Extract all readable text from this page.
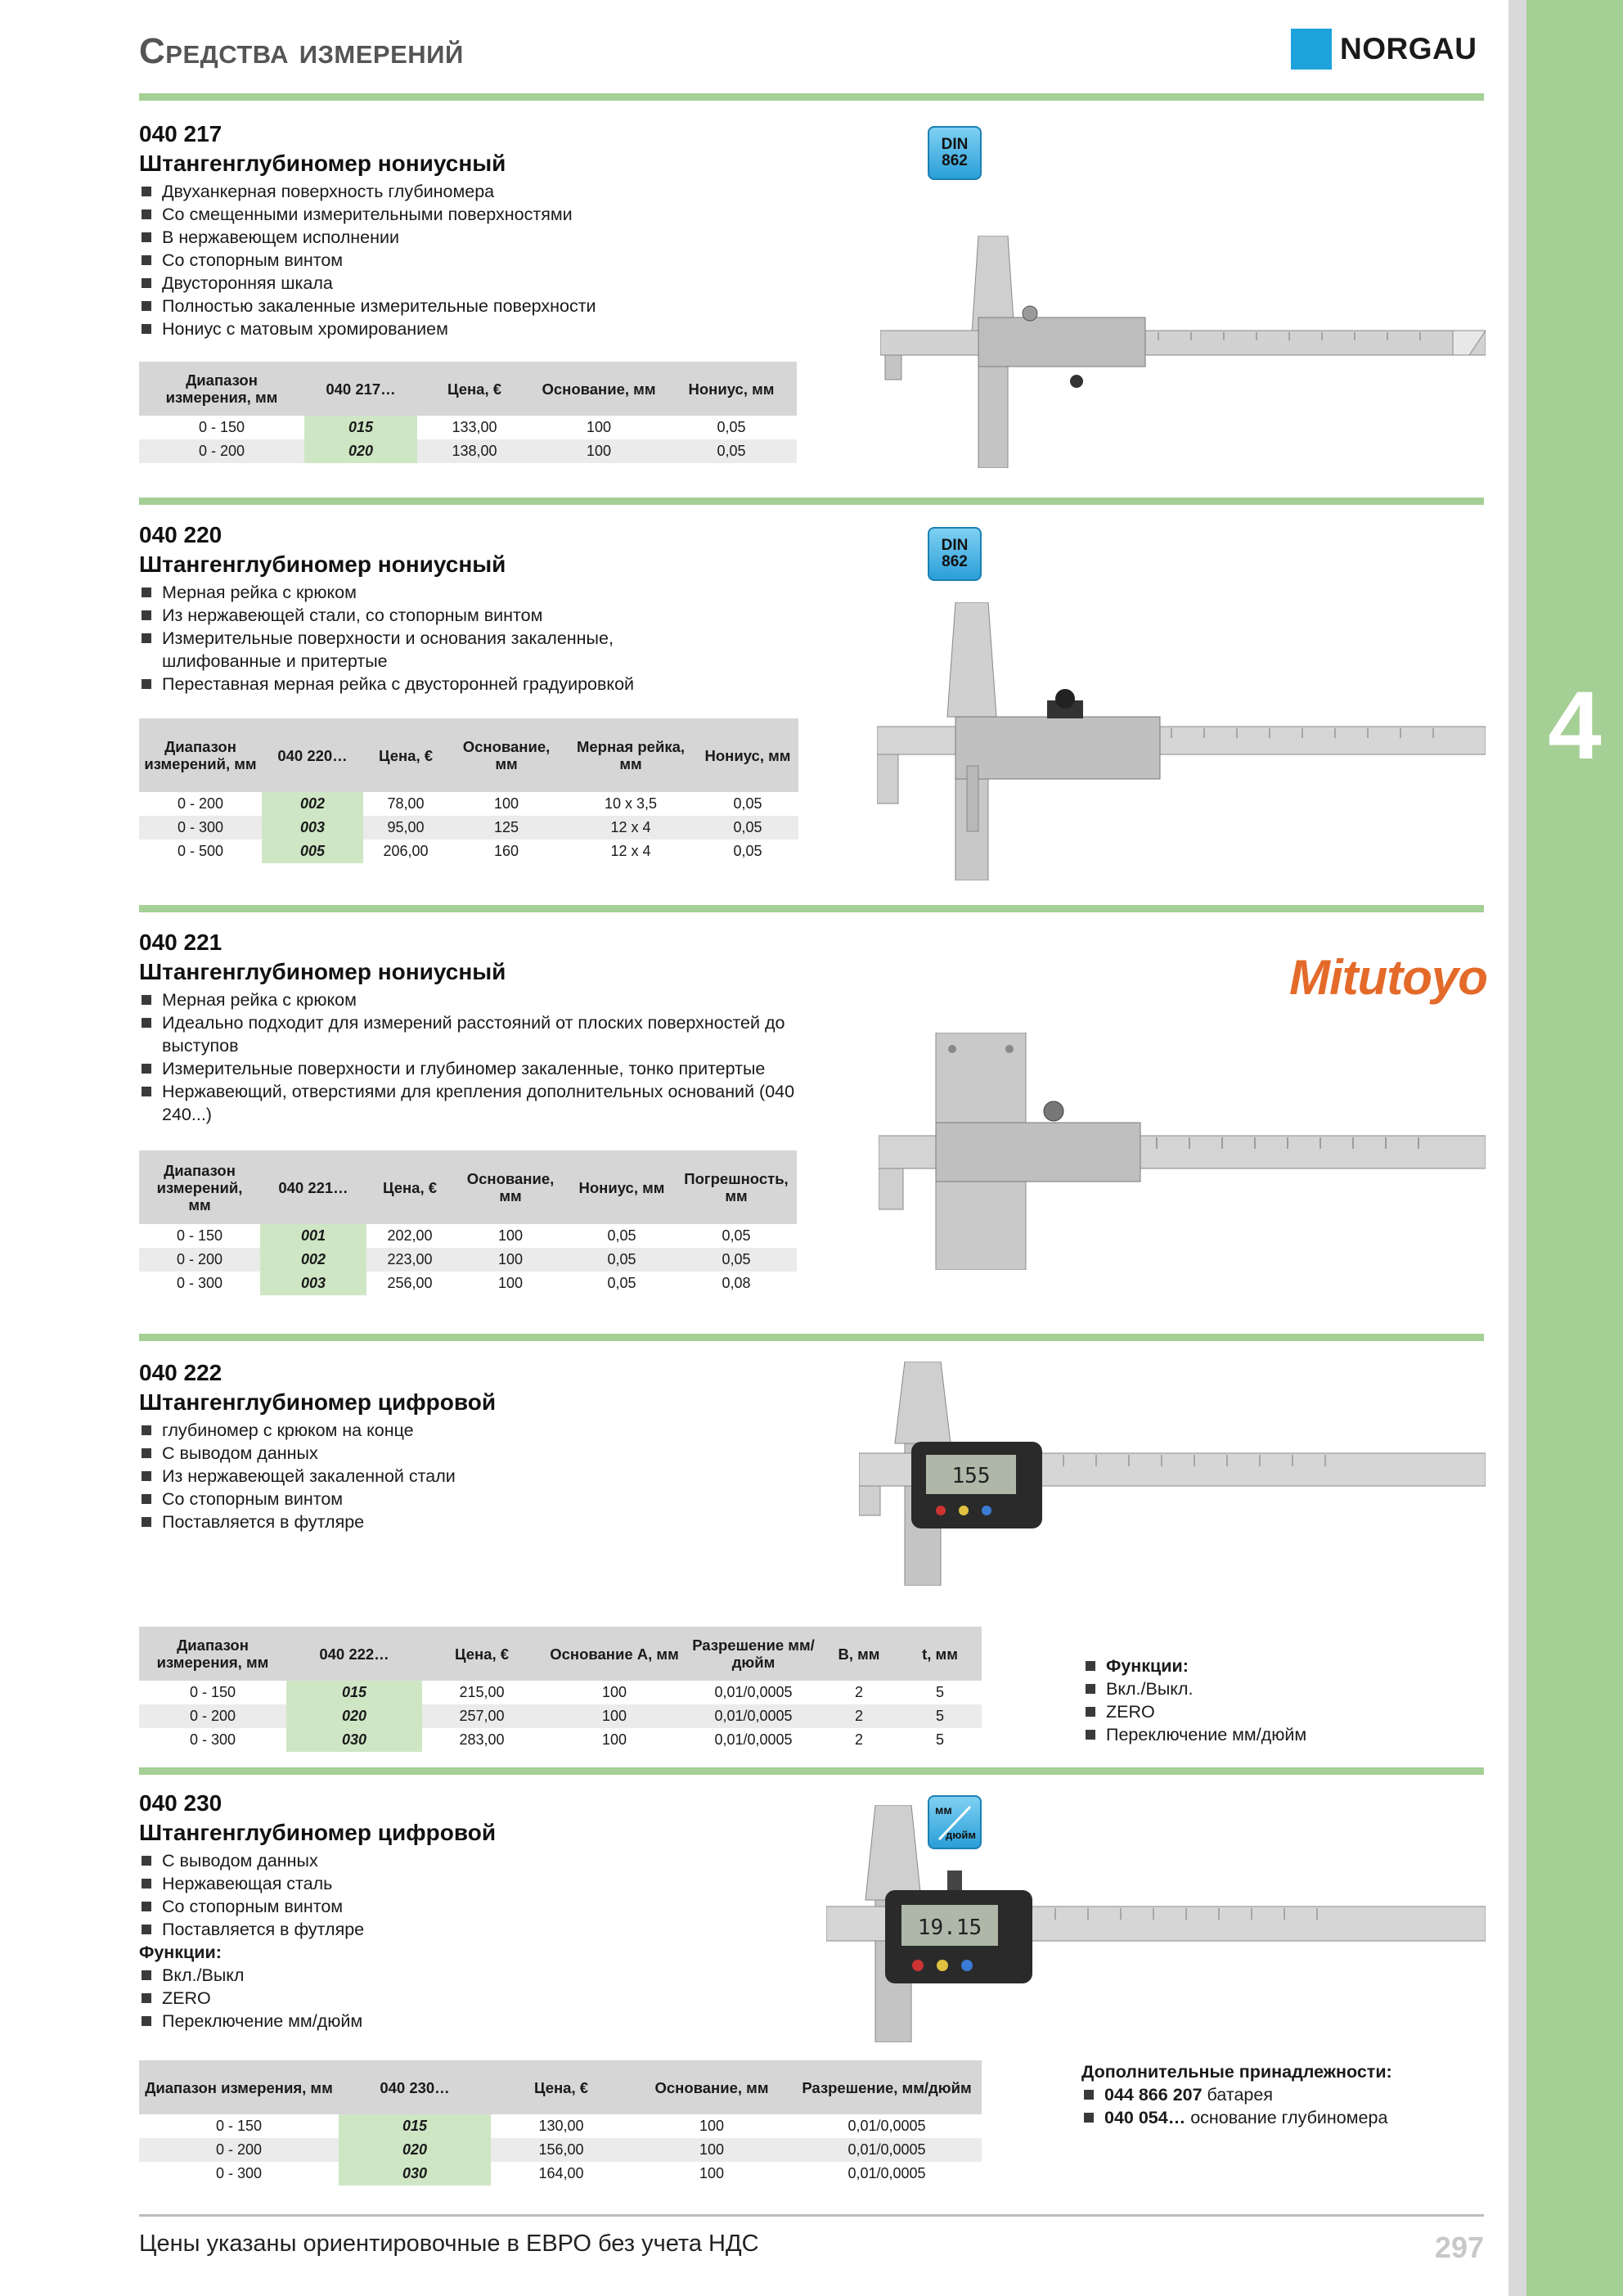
4
Средства измерений	NORGAU
040 217
Штангенглубиномер нониусный
Двуханкерная поверхность глубиномера
Со смещенными измерительными поверхностями
В нержавеющем исполнении
Со стопорным винтом
Двусторонняя шкала
Полностью закаленные измерительные поверхности
Нониус с матовым хромированием
Диапазон измерения, мм	040 217…	Цена, €	Основание, мм	Нониус, мм
0 - 150	015	133,00	100	0,05
0 - 200	020	138,00	100	0,05
DIN
862
040 220
Штангенглубиномер нониусный
Мерная рейка с крюком
Из нержавеющей стали, со стопорным винтом
Измерительные поверхности и основания закаленные, шлифованные и притертые
Переставная мерная рейка с двусторонней градуировкой
Диапазон измерений, мм	040 220…	Цена, €	Основание, мм	Мерная рейка, мм	Нониус, мм
0 - 200	002	78,00	100	10 x 3,5	0,05
0 - 300	003	95,00	125	12 x 4	0,05
0 - 500	005	206,00	160	12 x 4	0,05
DIN
862
040 221
Штангенглубиномер нониусный
Мерная рейка с крюком
Идеально подходит для измерений расстояний от плоских поверхностей до выступов
Измерительные поверхности и глубиномер закаленные, тонко притертые
Нержавеющий, отверстиями для крепления дополнительных оснований (040 240...)
Диапазон измерений, мм	040 221…	Цена, €	Основание, мм	Нониус, мм	Погрешность, мм
0 - 150	001	202,00	100	0,05	0,05
0 - 200	002	223,00	100	0,05	0,05
0 - 300	003	256,00	100	0,05	0,08
Mitutoyo
040 222
Штангенглубиномер цифровой
глубиномер с крюком на конце
С выводом данных
Из нержавеющей закаленной стали
Со стопорным винтом
Поставляется в футляре
155
Диапазон измерения, мм	040 222…	Цена, €	Основание А, мм	Разрешение мм/дюйм	B, мм	t, мм
0 - 150	015	215,00	100	0,01/0,0005	2	5
0 - 200	020	257,00	100	0,01/0,0005	2	5
0 - 300	030	283,00	100	0,01/0,0005	2	5
Функции:
Вкл./Выкл.
ZERO
Переключение мм/дюйм
040 230
Штангенглубиномер цифровой
С выводом данных
Нержавеющая сталь
Со стопорным винтом
Поставляется в футляре
Функции:
Вкл./Выкл
ZERO
Переключение мм/дюйм
мм
дюйм
19.15
Диапазон измерения, мм	040 230…	Цена, €	Основание, мм	Разрешение, мм/дюйм
0 - 150	015	130,00	100	0,01/0,0005
0 - 200	020	156,00	100	0,01/0,0005
0 - 300	030	164,00	100	0,01/0,0005
Дополнительные принадлежности:
044 866 207 батарея
040 054… основание глубиномера
Цены указаны ориентировочные в ЕВРО без учета НДС	297
